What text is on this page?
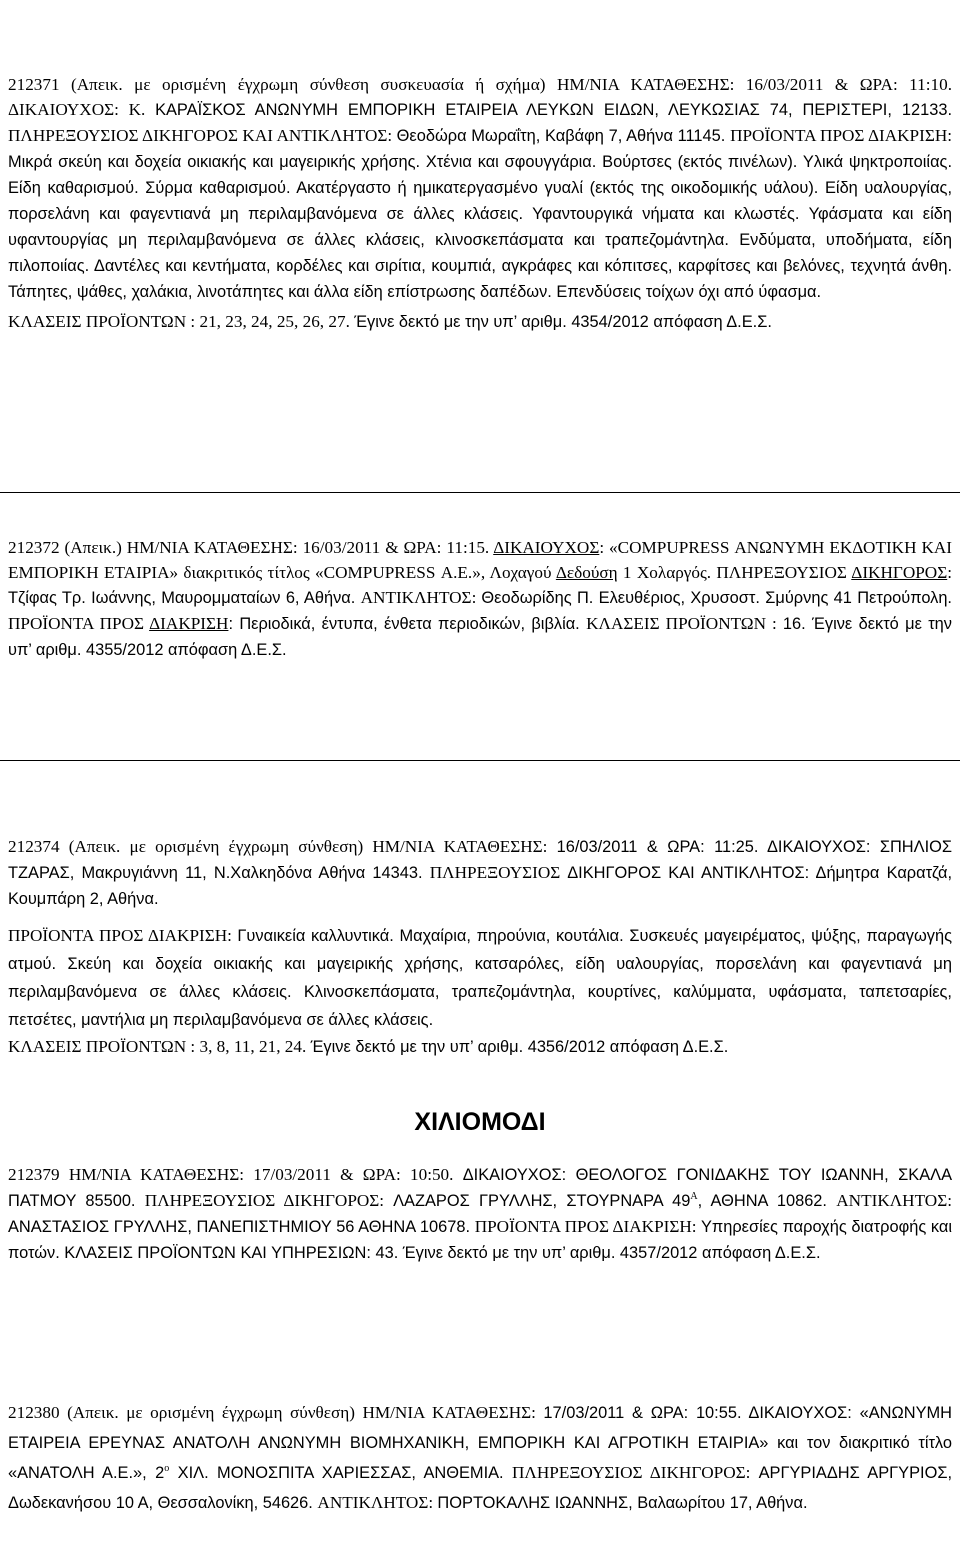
212371 (Απεικ. με ορισμένη έγχρωμη σύνθεση συσκευασία ή σχήμα) ΗΜ/ΝΙΑ ΚΑΤΑΘΕΣΗΣ: 16/03/2011 & ΩΡΑ: 11:10. ΔΙΚΑΙΟΥΧΟΣ: Κ. ΚΑΡΑΪΣΚΟΣ ΑΝΩΝΥΜΗ ΕΜΠΟΡΙΚΗ ΕΤΑΙΡΕΙΑ ΛΕΥΚΩΝ ΕΙΔΩΝ, ΛΕΥΚΩΣΙΑΣ 74, ΠΕΡΙΣΤΕΡΙ, 12133. ΠΛΗΡΕΞΟΥΣΙΟΣ ΔΙΚΗΓΟΡΟΣ ΚΑΙ ΑΝΤΙΚΛΗΤΟΣ: Θεοδώρα Μωραΐτη, Καβάφη 7, Αθήνα 11145. ΠΡΟΪΟΝΤΑ ΠΡΟΣ ΔΙΑΚΡΙΣΗ: Μικρά σκεύη και δοχεία οικιακής και μαγειρικής χρήσης. Χτένια και σφουγγάρια. Βούρτσες (εκτός πινέλων). Υλικά ψηκτροποιίας. Είδη καθαρισμού. Σύρμα καθαρισμού. Ακατέργαστο ή ημικατεργασμένο γυαλί (εκτός της οικοδομικής υάλου). Είδη υαλουργίας, πορσελάνη και φαγεντιανά μη περιλαμβανόμενα σε άλλες κλάσεις. Υφαντουργικά νήματα και κλωστές. Υφάσματα και είδη υφαντουργίας μη περιλαμβανόμενα σε άλλες κλάσεις, κλινοσκεπάσματα και τραπεζομάντηλα. Ενδύματα, υποδήματα, είδη πιλοποιίας. Δαντέλες και κεντήματα, κορδέλες και σιρίτια, κουμπιά, αγκράφες και κόπιτσες, καρφίτσες και βελόνες, τεχνητά άνθη. Τάπητες, ψάθες, χαλάκια, λινοτάπητες και άλλα είδη επίστρωσης δαπέδων. Επενδύσεις τοίχων όχι από ύφασμα.

ΚΛΑΣΕΙΣ ΠΡΟΪΟΝΤΩΝ : 21, 23, 24, 25, 26, 27. Έγινε δεκτό με την υπ’ αριθμ. 4354/2012 απόφαση Δ.Ε.Σ.

212372 (Απεικ.) ΗΜ/ΝΙΑ ΚΑΤΑΘΕΣΗΣ: 16/03/2011 & ΩΡΑ: 11:15. ΔΙΚΑΙΟΥΧΟΣ: «COMPUPRESS ΑΝΩΝΥΜΗ ΕΚΔΟΤΙΚΗ ΚΑΙ ΕΜΠΟΡΙΚΗ ΕΤΑΙΡΙΑ» διακριτικός τίτλος «COMPUPRESS Α.Ε.», Λοχαγού Δεδούση 1 Χολαργός. ΠΛΗΡΕΞΟΥΣΙΟΣ ΔΙΚΗΓΟΡΟΣ: Τζίφας Τρ. Ιωάννης, Μαυρομματαίων 6, Αθήνα. ΑΝΤΙΚΛΗΤΟΣ: Θεοδωρίδης Π. Ελευθέριος, Χρυσοστ. Σμύρνης 41 Πετρούπολη. ΠΡΟΪΟΝΤΑ ΠΡΟΣ ΔΙΑΚΡΙΣΗ: Περιοδικά, έντυπα, ένθετα περιοδικών, βιβλία. ΚΛΑΣΕΙΣ ΠΡΟΪΟΝΤΩΝ : 16. Έγινε δεκτό με την υπ’ αριθμ. 4355/2012 απόφαση Δ.Ε.Σ.

212374 (Απεικ. με ορισμένη έγχρωμη σύνθεση) ΗΜ/ΝΙΑ ΚΑΤΑΘΕΣΗΣ: 16/03/2011 & ΩΡΑ: 11:25. ΔΙΚΑΙΟΥΧΟΣ: ΣΠΗΛΙΟΣ ΤΖΑΡΑΣ, Μακρυγιάννη 11, Ν.Χαλκηδόνα Αθήνα 14343. ΠΛΗΡΕΞΟΥΣΙΟΣ ΔΙΚΗΓΟΡΟΣ ΚΑΙ ΑΝΤΙΚΛΗΤΟΣ: Δήμητρα Καρατζά, Κουμπάρη 2, Αθήνα.

ΠΡΟΪΟΝΤΑ ΠΡΟΣ ΔΙΑΚΡΙΣΗ: Γυναικεία καλλυντικά. Μαχαίρια, πηρούνια, κουτάλια. Συσκευές μαγειρέματος, ψύξης, παραγωγής ατμού. Σκεύη και δοχεία οικιακής και μαγειρικής χρήσης, κατσαρόλες, είδη υαλουργίας, πορσελάνη και φαγεντιανά μη περιλαμβανόμενα σε άλλες κλάσεις. Κλινοσκεπάσματα, τραπεζομάντηλα, κουρτίνες, καλύμματα, υφάσματα, ταπετσαρίες, πετσέτες, μαντήλια μη περιλαμβανόμενα σε άλλες κλάσεις.

ΚΛΑΣΕΙΣ ΠΡΟΪΟΝΤΩΝ : 3, 8, 11, 21, 24. Έγινε δεκτό με την υπ’ αριθμ. 4356/2012 απόφαση Δ.Ε.Σ.

ΧΙΛΙΟΜΟΔΙ

212379 ΗΜ/ΝΙΑ ΚΑΤΑΘΕΣΗΣ: 17/03/2011 & ΩΡΑ: 10:50. ΔΙΚΑΙΟΥΧΟΣ: ΘΕΟΛΟΓΟΣ ΓΟΝΙΔΑΚΗΣ ΤΟΥ ΙΩΑΝΝΗ, ΣΚΑΛΑ ΠΑΤΜΟΥ 85500. ΠΛΗΡΕΞΟΥΣΙΟΣ ΔΙΚΗΓΟΡΟΣ: ΛΑΖΑΡΟΣ ΓΡΥΛΛΗΣ, ΣΤΟΥΡΝΑΡΑ $49^A$, ΑΘΗΝΑ 10862. ΑΝΤΙΚΛΗΤΟΣ: ΑΝΑΣΤΑΣΙΟΣ ΓΡΥΛΛΗΣ, ΠΑΝΕΠΙΣΤΗΜΙΟΥ 56 ΑΘΗΝΑ 10678. ΠΡΟΪΟΝΤΑ ΠΡΟΣ ΔΙΑΚΡΙΣΗ: Υπηρεσίες παροχής διατροφής και ποτών. ΚΛΑΣΕΙΣ ΠΡΟΪΟΝΤΩΝ ΚΑΙ ΥΠΗΡΕΣΙΩΝ: 43. Έγινε δεκτό με την υπ’ αριθμ. 4357/2012 απόφαση Δ.Ε.Σ.

212380 (Απεικ. με ορισμένη έγχρωμη σύνθεση) ΗΜ/ΝΙΑ ΚΑΤΑΘΕΣΗΣ: 17/03/2011 & ΩΡΑ: 10:55. ΔΙΚΑΙΟΥΧΟΣ: «ΑΝΩΝΥΜΗ ΕΤΑΙΡΕΙΑ ΕΡΕΥΝΑΣ ΑΝΑΤΟΛΗ ΑΝΩΝΥΜΗ ΒΙΟΜΗΧΑΝΙΚΗ, ΕΜΠΟΡΙΚΗ ΚΑΙ ΑΓΡΟΤΙΚΗ ΕΤΑΙΡΙΑ» και τον διακριτικό τίτλο «ΑΝΑΤΟΛΗ Α.Ε.», $2^o$ ΧΙΛ. ΜΟΝΟΣΠΙΤΑ ΧΑΡΙΕΣΣΑΣ, ΑΝΘΕΜΙΑ. ΠΛΗΡΕΞΟΥΣΙΟΣ ΔΙΚΗΓΟΡΟΣ: ΑΡΓΥΡΙΑΔΗΣ ΑΡΓΥΡΙΟΣ, Δωδεκανήσου 10 Α, Θεσσαλονίκη, 54626. ΑΝΤΙΚΛΗΤΟΣ: ΠΟΡΤΟΚΑΛΗΣ ΙΩΑΝΝΗΣ, Βαλαωρίτου 17, Αθήνα.
